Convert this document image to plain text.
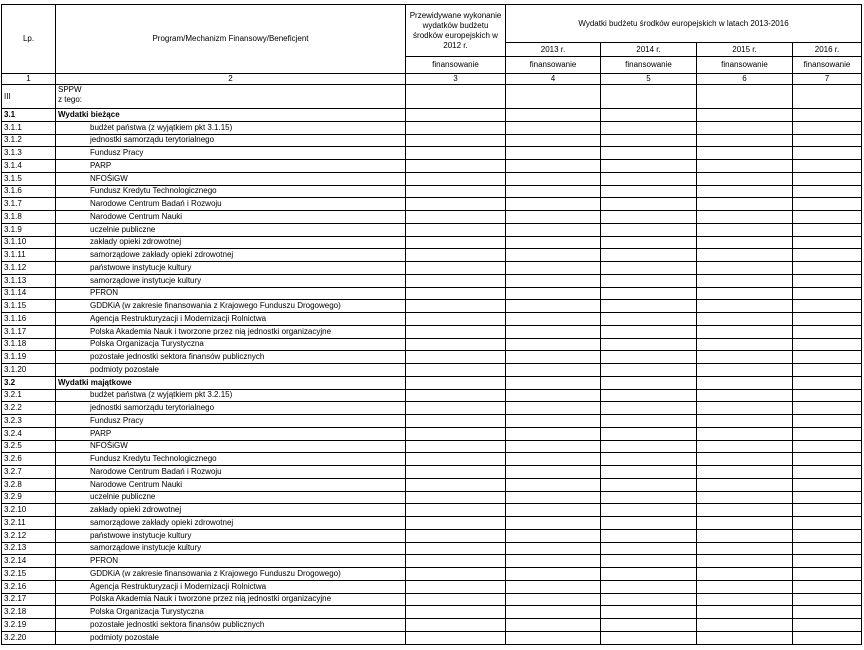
Lp.	Program/Mechanizm Finansowy/Beneficjent	Przewidywane wykonanie wydatków budżetu środków europejskich w 2012 r.	Wydatki budżetu środków europejskich w latach 2013-2016			
			2013 r.	2014 r.	2015 r.	2016 r.
		finansowanie	finansowanie	finansowanie	finansowanie	finansowanie
1	2	3	4	5	6	7
III	SPPW
z tego:					
3.1	Wydatki bieżące					
3.1.1	budżet państwa (z wyjątkiem pkt 3.1.15)					
3.1.2	jednostki samorządu terytorialnego					
3.1.3	Fundusz Pracy					
3.1.4	PARP					
3.1.5	NFOŚiGW					
3.1.6	Fundusz Kredytu Technologicznego					
3.1.7	Narodowe Centrum Badań i Rozwoju					
3.1.8	Narodowe Centrum Nauki					
3.1.9	uczelnie publiczne					
3.1.10	zakłady opieki zdrowotnej					
3.1.11	samorządowe zakłady opieki zdrowotnej					
3.1.12	państwowe instytucje kultury					
3.1.13	samorządowe instytucje kultury					
3.1.14	PFRON					
3.1.15	GDDKiA (w zakresie finansowania z Krajowego Funduszu Drogowego)					
3.1.16	Agencja Restrukturyzacji i Modernizacji Rolnictwa					
3.1.17	Polska Akademia Nauk i tworzone przez nią jednostki organizacyjne					
3.1.18	Polska Organizacja Turystyczna					
3.1.19	pozostałe jednostki sektora finansów publicznych					
3.1.20	podmioty pozostałe					
3.2	Wydatki majątkowe					
3.2.1	budżet państwa (z wyjątkiem pkt 3.2.15)					
3.2.2	jednostki samorządu terytorialnego					
3.2.3	Fundusz Pracy					
3.2.4	PARP					
3.2.5	NFOŚiGW					
3.2.6	Fundusz Kredytu Technologicznego					
3.2.7	Narodowe Centrum Badań i Rozwoju					
3.2.8	Narodowe Centrum Nauki					
3.2.9	uczelnie publiczne					
3.2.10	zakłady opieki zdrowotnej					
3.2.11	samorządowe zakłady opieki zdrowotnej					
3.2.12	państwowe instytucje kultury					
3.2.13	samorządowe instytucje kultury					
3.2.14	PFRON					
3.2.15	GDDKiA (w zakresie finansowania z Krajowego Funduszu Drogowego)					
3.2.16	Agencja Restrukturyzacji i Modernizacji Rolnictwa					
3.2.17	Polska Akademia Nauk i tworzone przez nią jednostki organizacyjne					
3.2.18	Polska Organizacja Turystyczna					
3.2.19	pozostałe jednostki sektora finansów publicznych					
3.2.20	podmioty pozostałe					
